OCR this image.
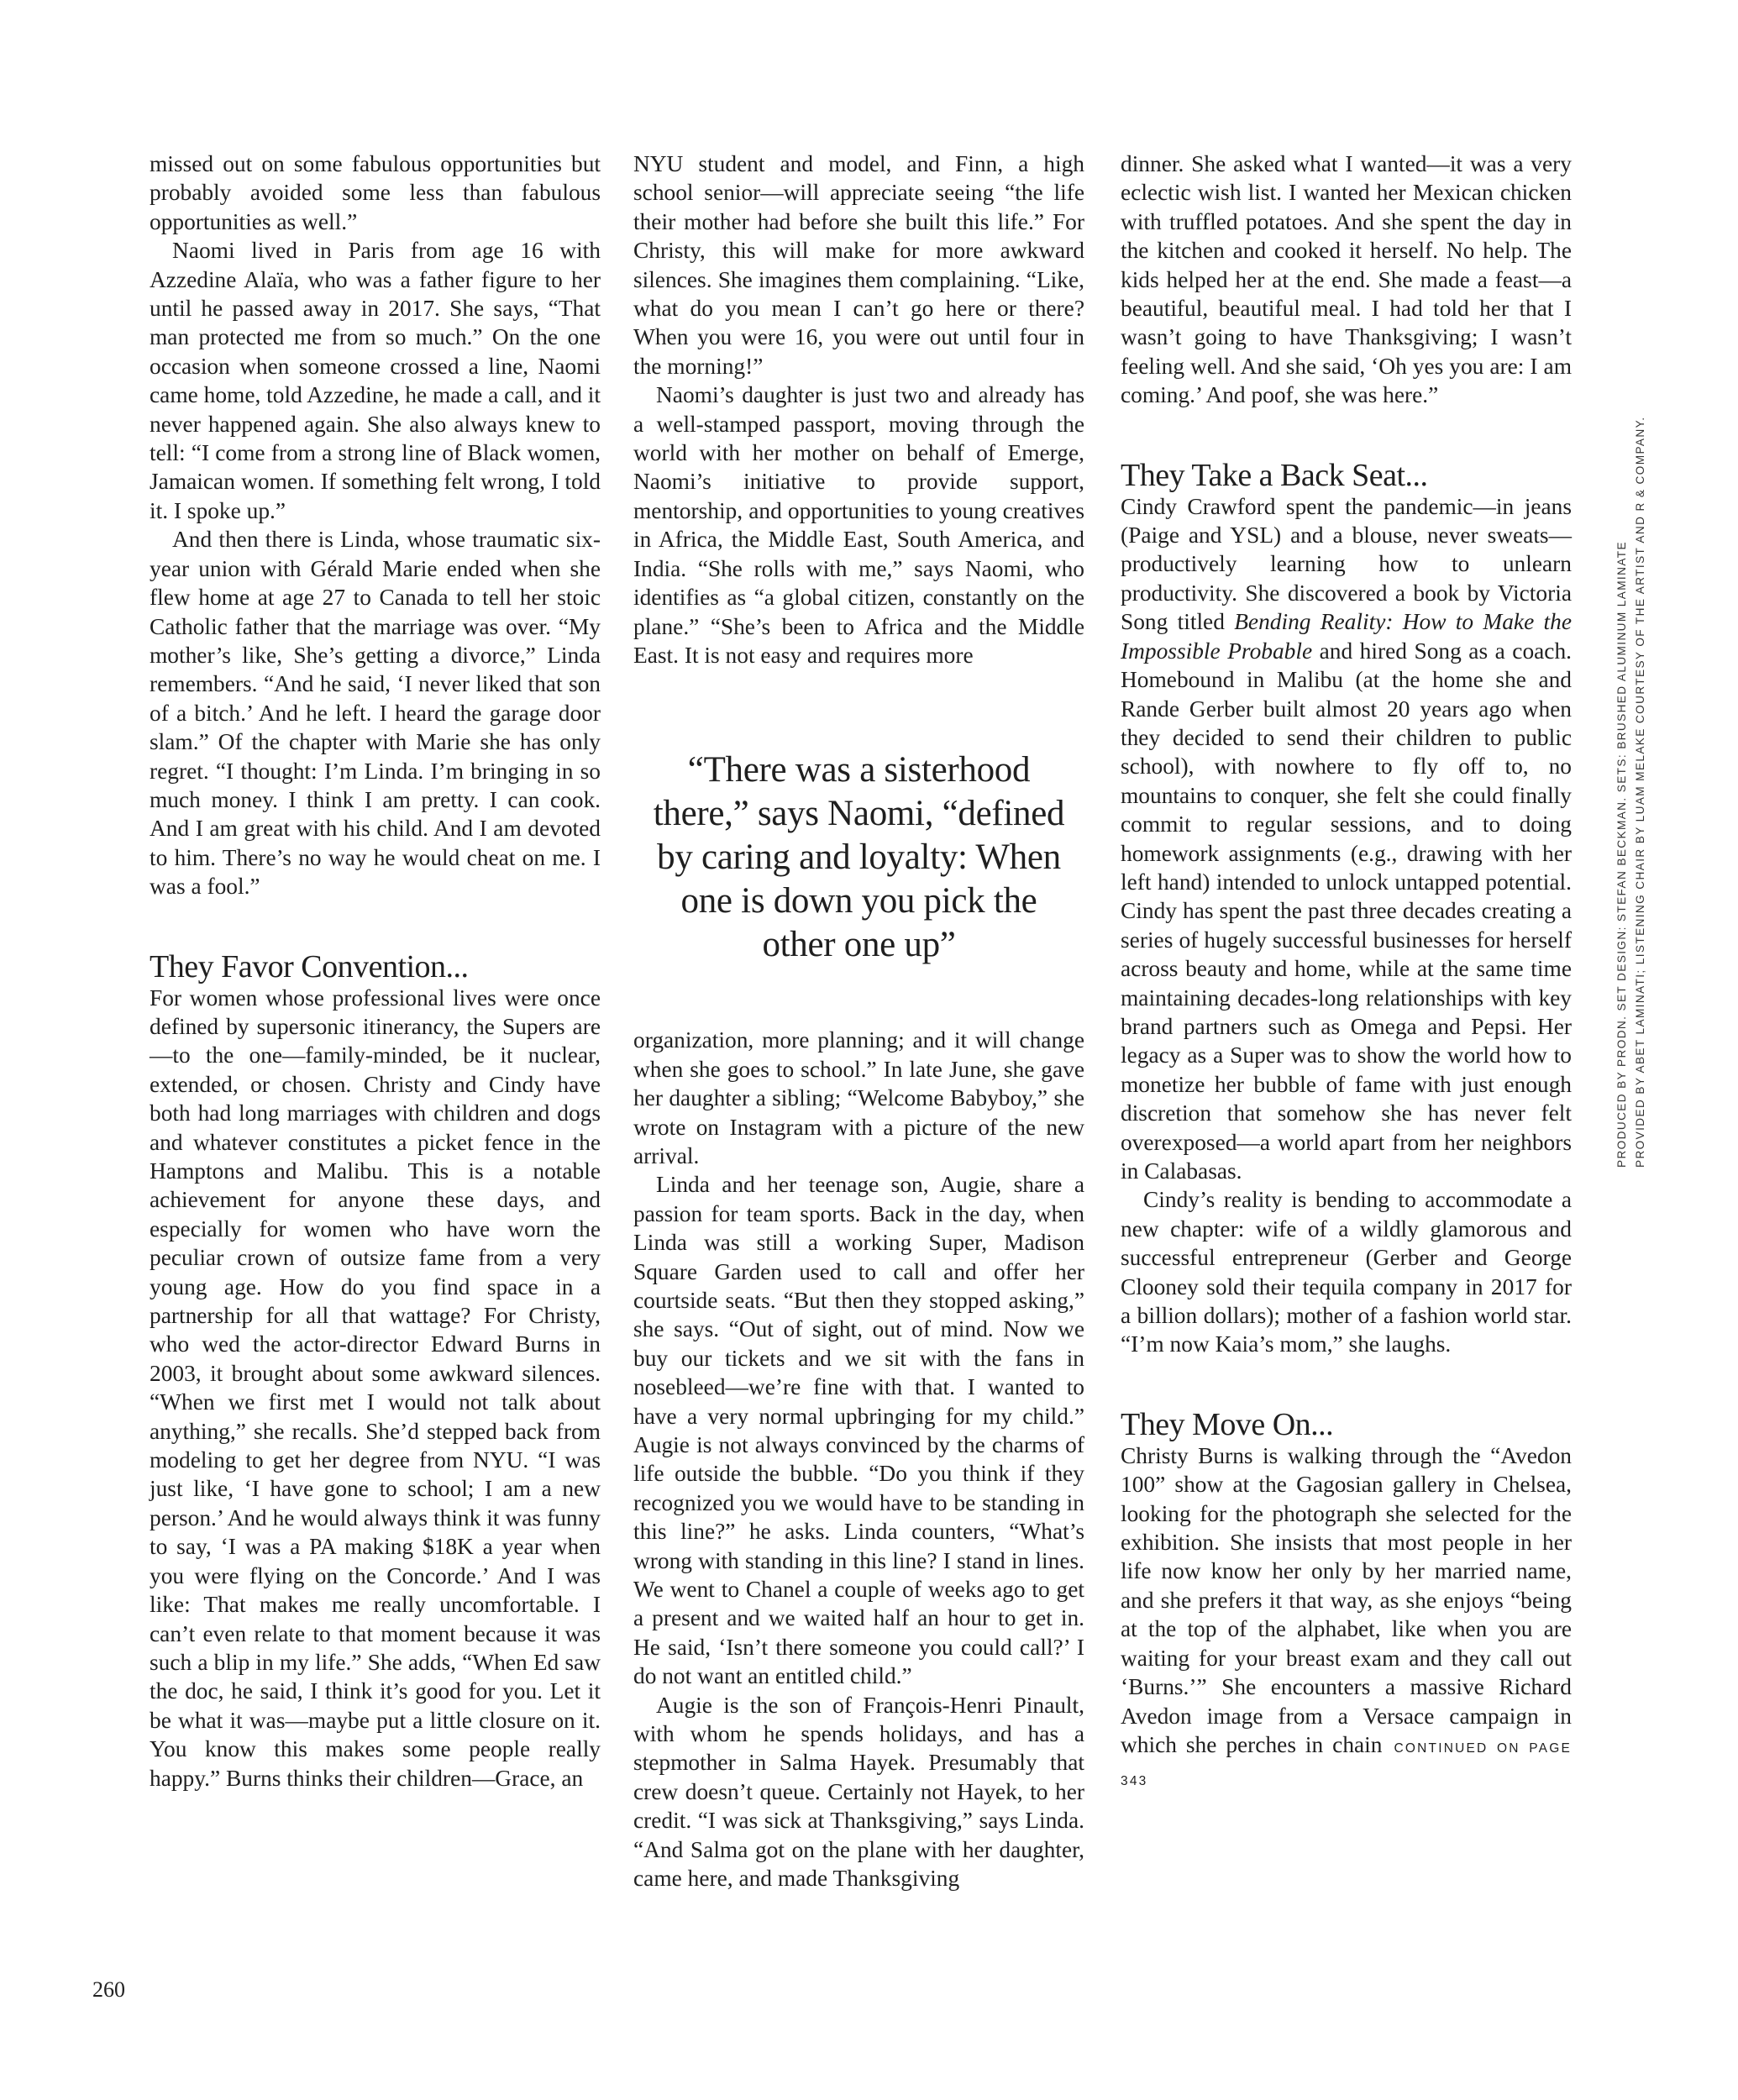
missed out on some fabulous opportunities but probably avoided some less than fabulous opportunities as well.”

Naomi lived in Paris from age 16 with Azzedine Alaïa, who was a father figure to her until he passed away in 2017. She says, “That man protected me from so much.” On the one occasion when someone crossed a line, Naomi came home, told Azzedine, he made a call, and it never happened again. She also always knew to tell: “I come from a strong line of Black women, Jamaican women. If something felt wrong, I told it. I spoke up.”

And then there is Linda, whose traumatic six-year union with Gérald Marie ended when she flew home at age 27 to Canada to tell her stoic Catholic father that the marriage was over. “My mother’s like, She’s getting a divorce,” Linda remembers. “And he said, ‘I never liked that son of a bitch.’ And he left. I heard the garage door slam.” Of the chapter with Marie she has only regret. “I thought: I’m Linda. I’m bringing in so much money. I think I am pretty. I can cook. And I am great with his child. And I am devoted to him. There’s no way he would cheat on me. I was a fool.”

They Favor Convention...

For women whose professional lives were once defined by supersonic itinerancy, the Supers are—to the one—family-minded, be it nuclear, extended, or chosen. Christy and Cindy have both had long marriages with children and dogs and whatever constitutes a picket fence in the Hamptons and Malibu. This is a notable achievement for anyone these days, and especially for women who have worn the peculiar crown of outsize fame from a very young age. How do you find space in a partnership for all that wattage? For Christy, who wed the actor-director Edward Burns in 2003, it brought about some awkward silences. “When we first met I would not talk about anything,” she recalls. She’d stepped back from modeling to get her degree from NYU. “I was just like, ‘I have gone to school; I am a new person.’ And he would always think it was funny to say, ‘I was a PA making $18K a year when you were flying on the Concorde.’ And I was like: That makes me really uncomfortable. I can’t even relate to that moment because it was such a blip in my life.” She adds, “When Ed saw the doc, he said, I think it’s good for you. Let it be what it was—maybe put a little closure on it. You know this makes some people really happy.” Burns thinks their children—Grace, an

NYU student and model, and Finn, a high school senior—will appreciate seeing “the life their mother had before she built this life.” For Christy, this will make for more awkward silences. She imagines them complaining. “Like, what do you mean I can’t go here or there? When you were 16, you were out until four in the morning!”

Naomi’s daughter is just two and already has a well-stamped passport, moving through the world with her mother on behalf of Emerge, Naomi’s initiative to provide support, mentorship, and opportunities to young creatives in Africa, the Middle East, South America, and India. “She rolls with me,” says Naomi, who identifies as “a global citizen, constantly on the plane.” “She’s been to Africa and the Middle East. It is not easy and requires more

“There was a sisterhood there,” says Naomi, “defined by caring and loyalty: When one is down you pick the other one up”

organization, more planning; and it will change when she goes to school.” In late June, she gave her daughter a sibling; “Welcome Babyboy,” she wrote on Instagram with a picture of the new arrival.

Linda and her teenage son, Augie, share a passion for team sports. Back in the day, when Linda was still a working Super, Madison Square Garden used to call and offer her courtside seats. “But then they stopped asking,” she says. “Out of sight, out of mind. Now we buy our tickets and we sit with the fans in nosebleed—we’re fine with that. I wanted to have a very normal upbringing for my child.” Augie is not always convinced by the charms of life outside the bubble. “Do you think if they recognized you we would have to be standing in this line?” he asks. Linda counters, “What’s wrong with standing in this line? I stand in lines. We went to Chanel a couple of weeks ago to get a present and we waited half an hour to get in. He said, ‘Isn’t there someone you could call?’ I do not want an entitled child.”

Augie is the son of François-Henri Pinault, with whom he spends holidays, and has a stepmother in Salma Hayek. Presumably that crew doesn’t queue. Certainly not Hayek, to her credit. “I was sick at Thanksgiving,” says Linda. “And Salma got on the plane with her daughter, came here, and made Thanksgiving

dinner. She asked what I wanted—it was a very eclectic wish list. I wanted her Mexican chicken with truffled potatoes. And she spent the day in the kitchen and cooked it herself. No help. The kids helped her at the end. She made a feast—a beautiful, beautiful meal. I had told her that I wasn’t going to have Thanksgiving; I wasn’t feeling well. And she said, ‘Oh yes you are: I am coming.’ And poof, she was here.”

They Take a Back Seat...

Cindy Crawford spent the pandemic—in jeans (Paige and YSL) and a blouse, never sweats—productively learning how to unlearn productivity. She discovered a book by Victoria Song titled Bending Reality: How to Make the Impossible Probable and hired Song as a coach. Homebound in Malibu (at the home she and Rande Gerber built almost 20 years ago when they decided to send their children to public school), with nowhere to fly off to, no mountains to conquer, she felt she could finally commit to regular sessions, and to doing homework assignments (e.g., drawing with her left hand) intended to unlock untapped potential. Cindy has spent the past three decades creating a series of hugely successful businesses for herself across beauty and home, while at the same time maintaining decades-long relationships with key brand partners such as Omega and Pepsi. Her legacy as a Super was to show the world how to monetize her bubble of fame with just enough discretion that somehow she has never felt overexposed—a world apart from her neighbors in Calabasas.

Cindy’s reality is bending to accommodate a new chapter: wife of a wildly glamorous and successful entrepreneur (Gerber and George Clooney sold their tequila company in 2017 for a billion dollars); mother of a fashion world star. “I’m now Kaia’s mom,” she laughs.

They Move On...

Christy Burns is walking through the “Avedon 100” show at the Gagosian gallery in Chelsea, looking for the photograph she selected for the exhibition. She insists that most people in her life now know her only by her married name, and she prefers it that way, as she enjoys “being at the top of the alphabet, like when you are waiting for your breast exam and they call out ‘Burns.’” She encounters a massive Richard Avedon image from a Versace campaign in which she perches in chain CONTINUED ON PAGE 343

260
PRODUCED BY PRODN. SET DESIGN: STEFAN BECKMAN. SETS: BRUSHED ALUMINUM LAMINATE PROVIDED BY ABET LAMINATI; LISTENING CHAIR BY LUAM MELAKE COURTESY OF THE ARTIST AND R & COMPANY.
